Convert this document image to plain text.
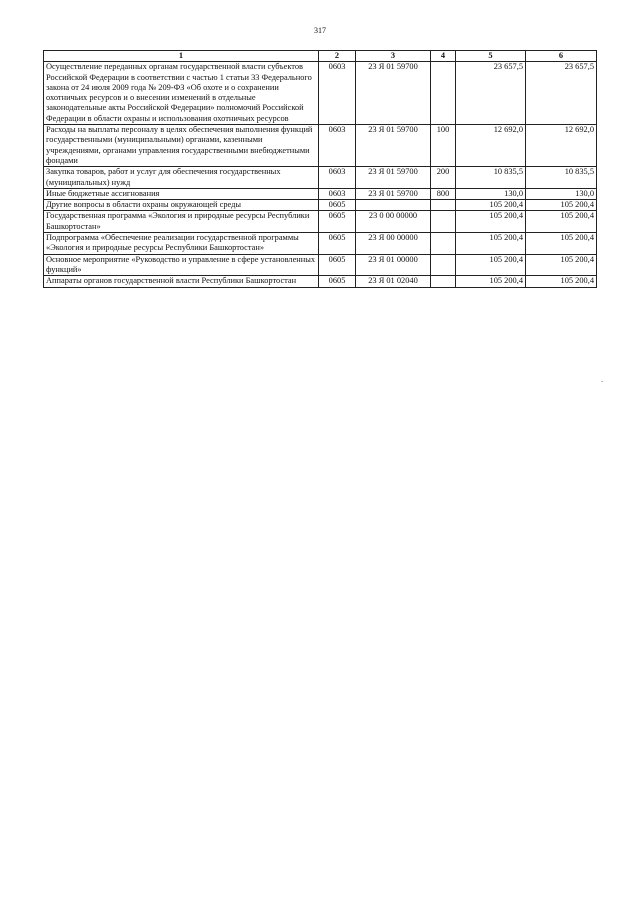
317
1	2	3	4	5	6
Осуществление переданных органам государственной власти субъектов Российской Федерации в соответствии с частью 1 статьи 33 Федерального закона от 24 июля 2009 года № 209-ФЗ «Об охоте и о сохранении охотничьих ресурсов и о внесении изменений в отдельные законодательные акты Российской Федерации» полномочий Российской Федерации в области охраны и использования охотничьих ресурсов	0603	23 Я 01 59700		23 657,5	23 657,5
Расходы на выплаты персоналу в целях обеспечения выполнения функций государственными (муниципальными) органами, казенными учреждениями, органами управления государственными внебюджетными фондами	0603	23 Я 01 59700	100	12 692,0	12 692,0
Закупка товаров, работ и услуг для обеспечения государственных (муниципальных) нужд	0603	23 Я 01 59700	200	10 835,5	10 835,5
Иные бюджетные ассигнования	0603	23 Я 01 59700	800	130,0	130,0
Другие вопросы в области охраны окружающей среды	0605			105 200,4	105 200,4
Государственная программа «Экология и природные ресурсы Республики Башкортостан»	0605	23 0 00 00000		105 200,4	105 200,4
Подпрограмма «Обеспечение реализации государственной программы «Экология и природные ресурсы Республики Башкортостан»	0605	23 Я 00 00000		105 200,4	105 200,4
Основное мероприятие «Руководство и управление в сфере установленных функций»	0605	23 Я 01 00000		105 200,4	105 200,4
Аппараты органов государственной власти Республики Башкортостан	0605	23 Я 01 02040		105 200,4	105 200,4
-
